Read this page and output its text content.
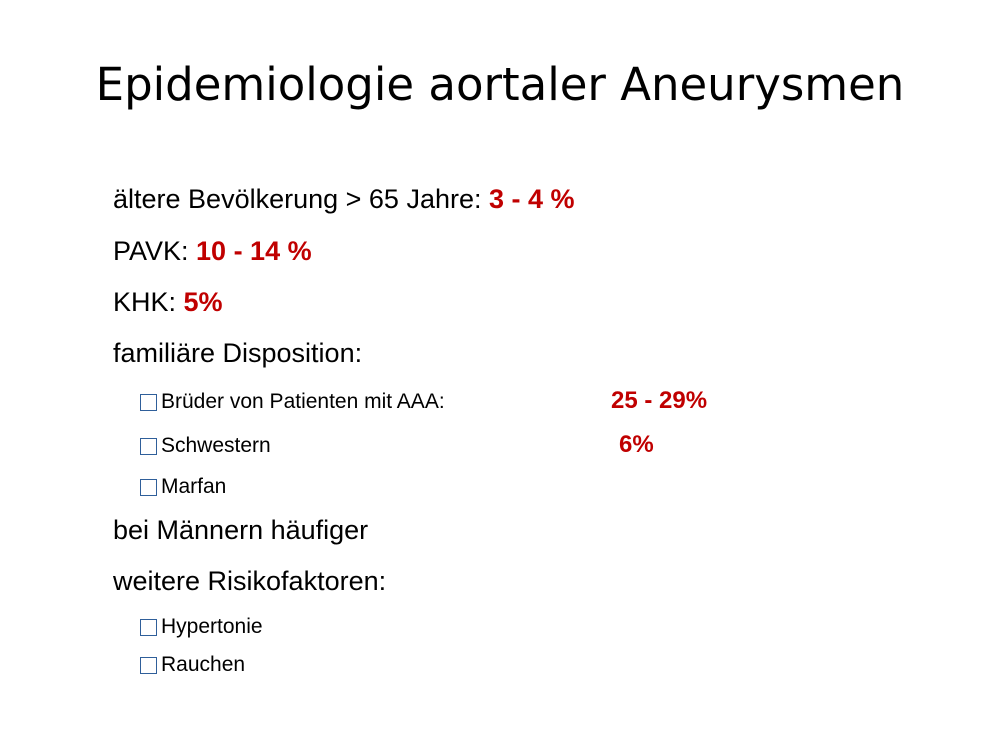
Epidemiologie aortaler Aneurysmen
ältere Bevölkerung > 65 Jahre: 3 - 4 %
PAVK: 10 - 14 %
KHK: 5%
familiäre Disposition:
Brüder von Patienten mit AAA:	25 - 29%
Schwestern	6%
Marfan
bei Männern häufiger
weitere Risikofaktoren:
Hypertonie
Rauchen
